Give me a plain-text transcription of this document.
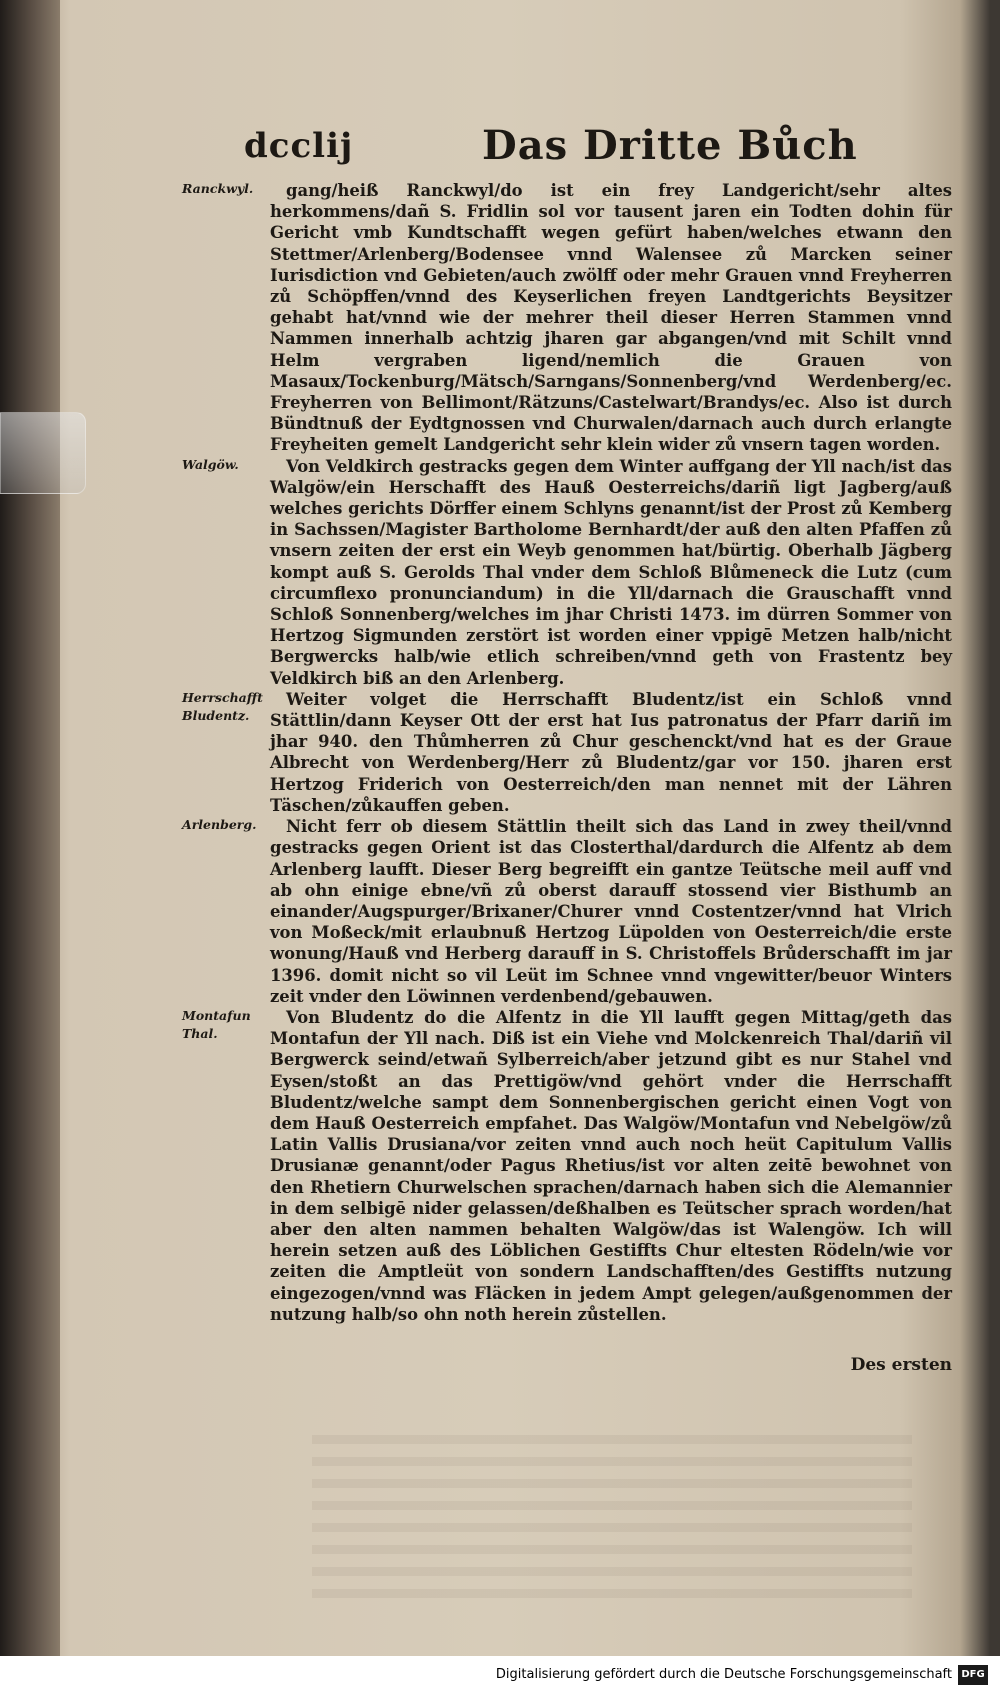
dcclij	Das Dritte Bůch
Ranckwyl.	gang/heiß Ranckwyl/do ist ein frey Landgericht/sehr altes herkommens/dañ S. Fridlin sol vor tausent jaren ein Todten dohin für Gericht vmb Kundtschafft wegen gefürt haben/welches etwann den Stettmer/Arlenberg/Bodensee vnnd Walensee zů Marcken seiner Iurisdiction vnd Gebieten/auch zwölff oder mehr Grauen vnnd Freyherren zů Schöpffen/vnnd des Keyserlichen freyen Landtgerichts Beysitzer gehabt hat/vnnd wie der mehrer theil dieser Herren Stammen vnnd Nammen innerhalb achtzig jharen gar abgangen/vnd mit Schilt vnnd Helm vergraben ligend/nemlich die Grauen von Masaux/Tockenburg/Mätsch/Sarngans/Sonnenberg/vnd Werdenberg/ec. Freyherren von Bellimont/Rätzuns/Castelwart/Brandys/ec. Also ist durch Bündtnuß der Eydtgnossen vnd Churwalen/darnach auch durch erlangte Freyheiten gemelt Landgericht sehr klein wider zů vnsern tagen worden.
Walgöw.	Von Veldkirch gestracks gegen dem Winter auffgang der Yll nach/ist das Walgöw/ein Herschafft des Hauß Oesterreichs/dariñ ligt Jagberg/auß welches gerichts Dörffer einem Schlyns genannt/ist der Prost zů Kemberg in Sachssen/Magister Bartholome Bernhardt/der auß den alten Pfaffen zů vnsern zeiten der erst ein Weyb genommen hat/bürtig. Oberhalb Jägberg kompt auß S. Gerolds Thal vnder dem Schloß Blůmeneck die Lutz (cum circumflexo pronunciandum) in die Yll/darnach die Grauschafft vnnd Schloß Sonnenberg/welches im jhar Christi 1473. im dürren Sommer von Hertzog Sigmunden zerstört ist worden einer vppigē Metzen halb/nicht Bergwercks halb/wie etlich schreiben/vnnd geth von Frastentz bey Veldkirch biß an den Arlenberg.
Herrschafft Bludentz.
Weiter volget die Herrschafft Bludentz/ist ein Schloß vnnd Stättlin/dann Keyser Ott der erst hat Ius patronatus der Pfarr dariñ im jhar 940. den Thůmherren zů Chur geschenckt/vnd hat es der Graue Albrecht von Werdenberg/Herr zů Bludentz/gar vor 150. jharen erst Hertzog Friderich von Oesterreich/den man nennet mit der Lähren Täschen/zůkauffen geben.
Arlenberg.	Nicht ferr ob diesem Stättlin theilt sich das Land in zwey theil/vnnd gestracks gegen Orient ist das Closterthal/dardurch die Alfentz ab dem Arlenberg laufft. Dieser Berg begreifft ein gantze Teütsche meil auff vnd ab ohn einige ebne/vñ zů oberst darauff stossend vier Bisthumb an einander/Augspurger/Brixaner/Churer vnnd Costentzer/vnnd hat Vlrich von Moßeck/mit erlaubnuß Hertzog Lüpolden von Oesterreich/die erste wonung/Hauß vnd Herberg darauff in S. Christoffels Brůderschafft im jar 1396. domit nicht so vil Leüt im Schnee vnnd vngewitter/beuor Winters zeit vnder den Löwinnen verdenbend/gebauwen.
Montafun Thal.
Von Bludentz do die Alfentz in die Yll laufft gegen Mittag/geth das Montafun der Yll nach. Diß ist ein Viehe vnd Molckenreich Thal/dariñ vil Bergwerck seind/etwañ Sylberreich/aber jetzund gibt es nur Stahel vnd Eysen/stoßt an das Prettigöw/vnd gehört vnder die Herrschafft Bludentz/welche sampt dem Sonnenbergischen gericht einen Vogt von dem Hauß Oesterreich empfahet. Das Walgöw/Montafun vnd Nebelgöw/zů Latin Vallis Drusiana/vor zeiten vnnd auch noch heüt Capitulum Vallis Drusianæ genannt/oder Pagus Rhetius/ist vor alten zeitē bewohnet von den Rhetiern Churwelschen sprachen/darnach haben sich die Alemannier in dem selbigē nider gelassen/deßhalben es Teütscher sprach worden/hat aber den alten nammen behalten Walgöw/das ist Walengöw. Ich will herein setzen auß des Löblichen Gestiffts Chur eltesten Rödeln/wie vor zeiten die Amptleüt von sondern Landschafften/des Gestiffts nutzung eingezogen/vnnd was Fläcken in jedem Ampt gelegen/außgenommen der nutzung halb/so ohn noth herein zůstellen.
Des ersten
Digitalisierung gefördert durch die Deutsche Forschungsgemeinschaft DFG
